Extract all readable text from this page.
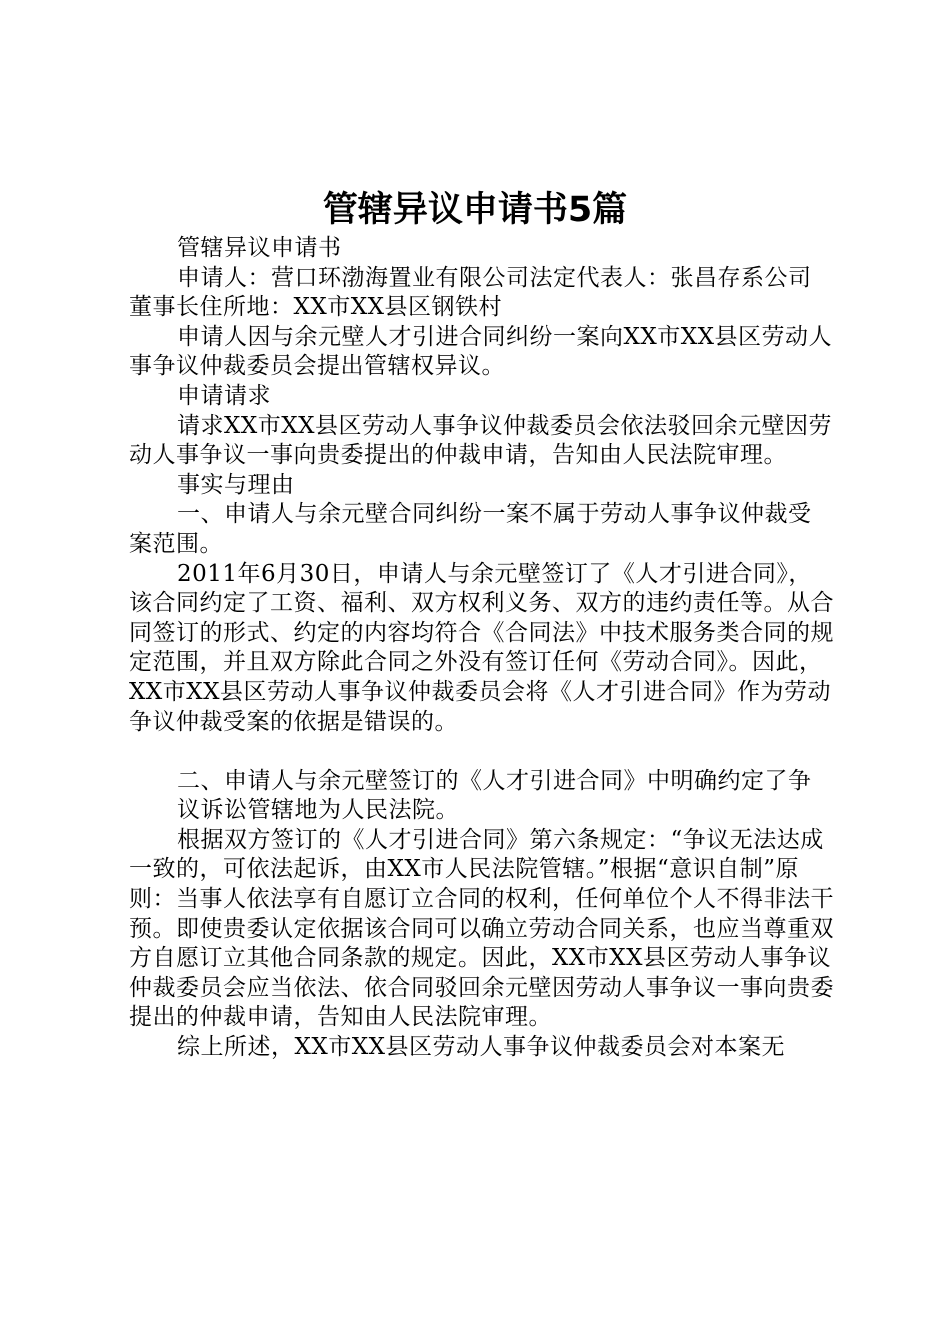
管辖异议申请书5篇

管辖异议申请书

申请人：营口环渤海置业有限公司法定代表人：张昌存系公司董事长住所地：XX市XX县区钢铁村

申请人因与余元壁人才引进合同纠纷一案向XX市XX县区劳动人事争议仲裁委员会提出管辖权异议。

申请请求

请求XX市XX县区劳动人事争议仲裁委员会依法驳回余元壁因劳动人事争议一事向贵委提出的仲裁申请，告知由人民法院审理。

事实与理由

一、申请人与余元壁合同纠纷一案不属于劳动人事争议仲裁受案范围。

2011年6月30日，申请人与余元壁签订了《人才引进合同》，该合同约定了工资、福利、双方权利义务、双方的违约责任等。从合同签订的形式、约定的内容均符合《合同法》中技术服务类合同的规定范围，并且双方除此合同之外没有签订任何《劳动合同》。因此，XX市XX县区劳动人事争议仲裁委员会将《人才引进合同》作为劳动争议仲裁受案的依据是错误的。

二、申请人与余元壁签订的《人才引进合同》中明确约定了争

议诉讼管辖地为人民法院。

根据双方签订的《人才引进合同》第六条规定：“争议无法达成一致的，可依法起诉，由XX市人民法院管辖。”根据“意识自制”原则：当事人依法享有自愿订立合同的权利，任何单位个人不得非法干预。即使贵委认定依据该合同可以确立劳动合同关系，也应当尊重双方自愿订立其他合同条款的规定。因此，XX市XX县区劳动人事争议仲裁委员会应当依法、依合同驳回余元壁因劳动人事争议一事向贵委提出的仲裁申请，告知由人民法院审理。

综上所述，XX市XX县区劳动人事争议仲裁委员会对本案无
